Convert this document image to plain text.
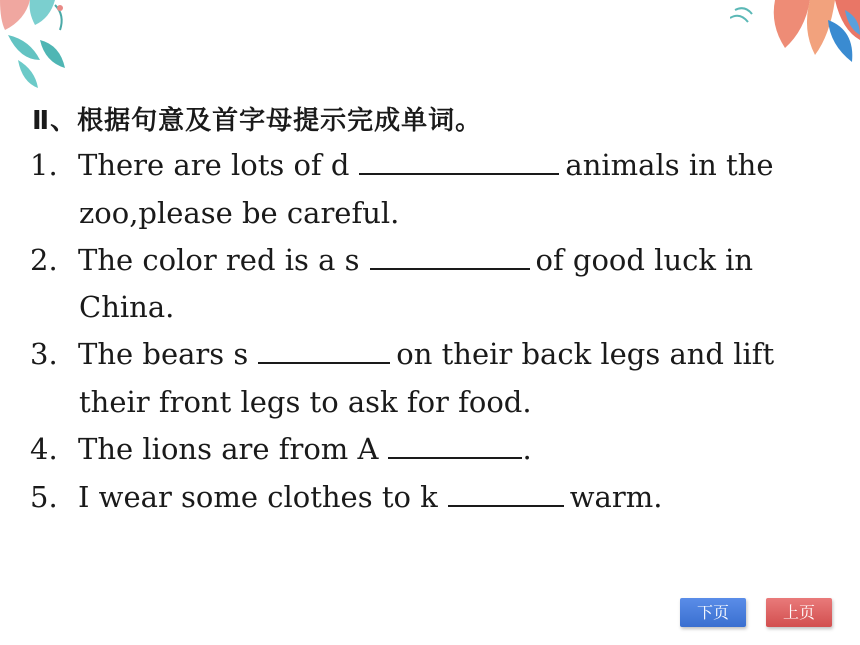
Ⅱ、根据句意及首字母提示完成单词。
1. There are lots of d	animals in the
zoo,please be careful.
2. The color red is a s	of good luck in
China.
3. The bears s	on their back legs and lift
their front legs to ask for food.
4. The lions are from A	.
5. I wear some clothes to k	warm.
下页	上页
